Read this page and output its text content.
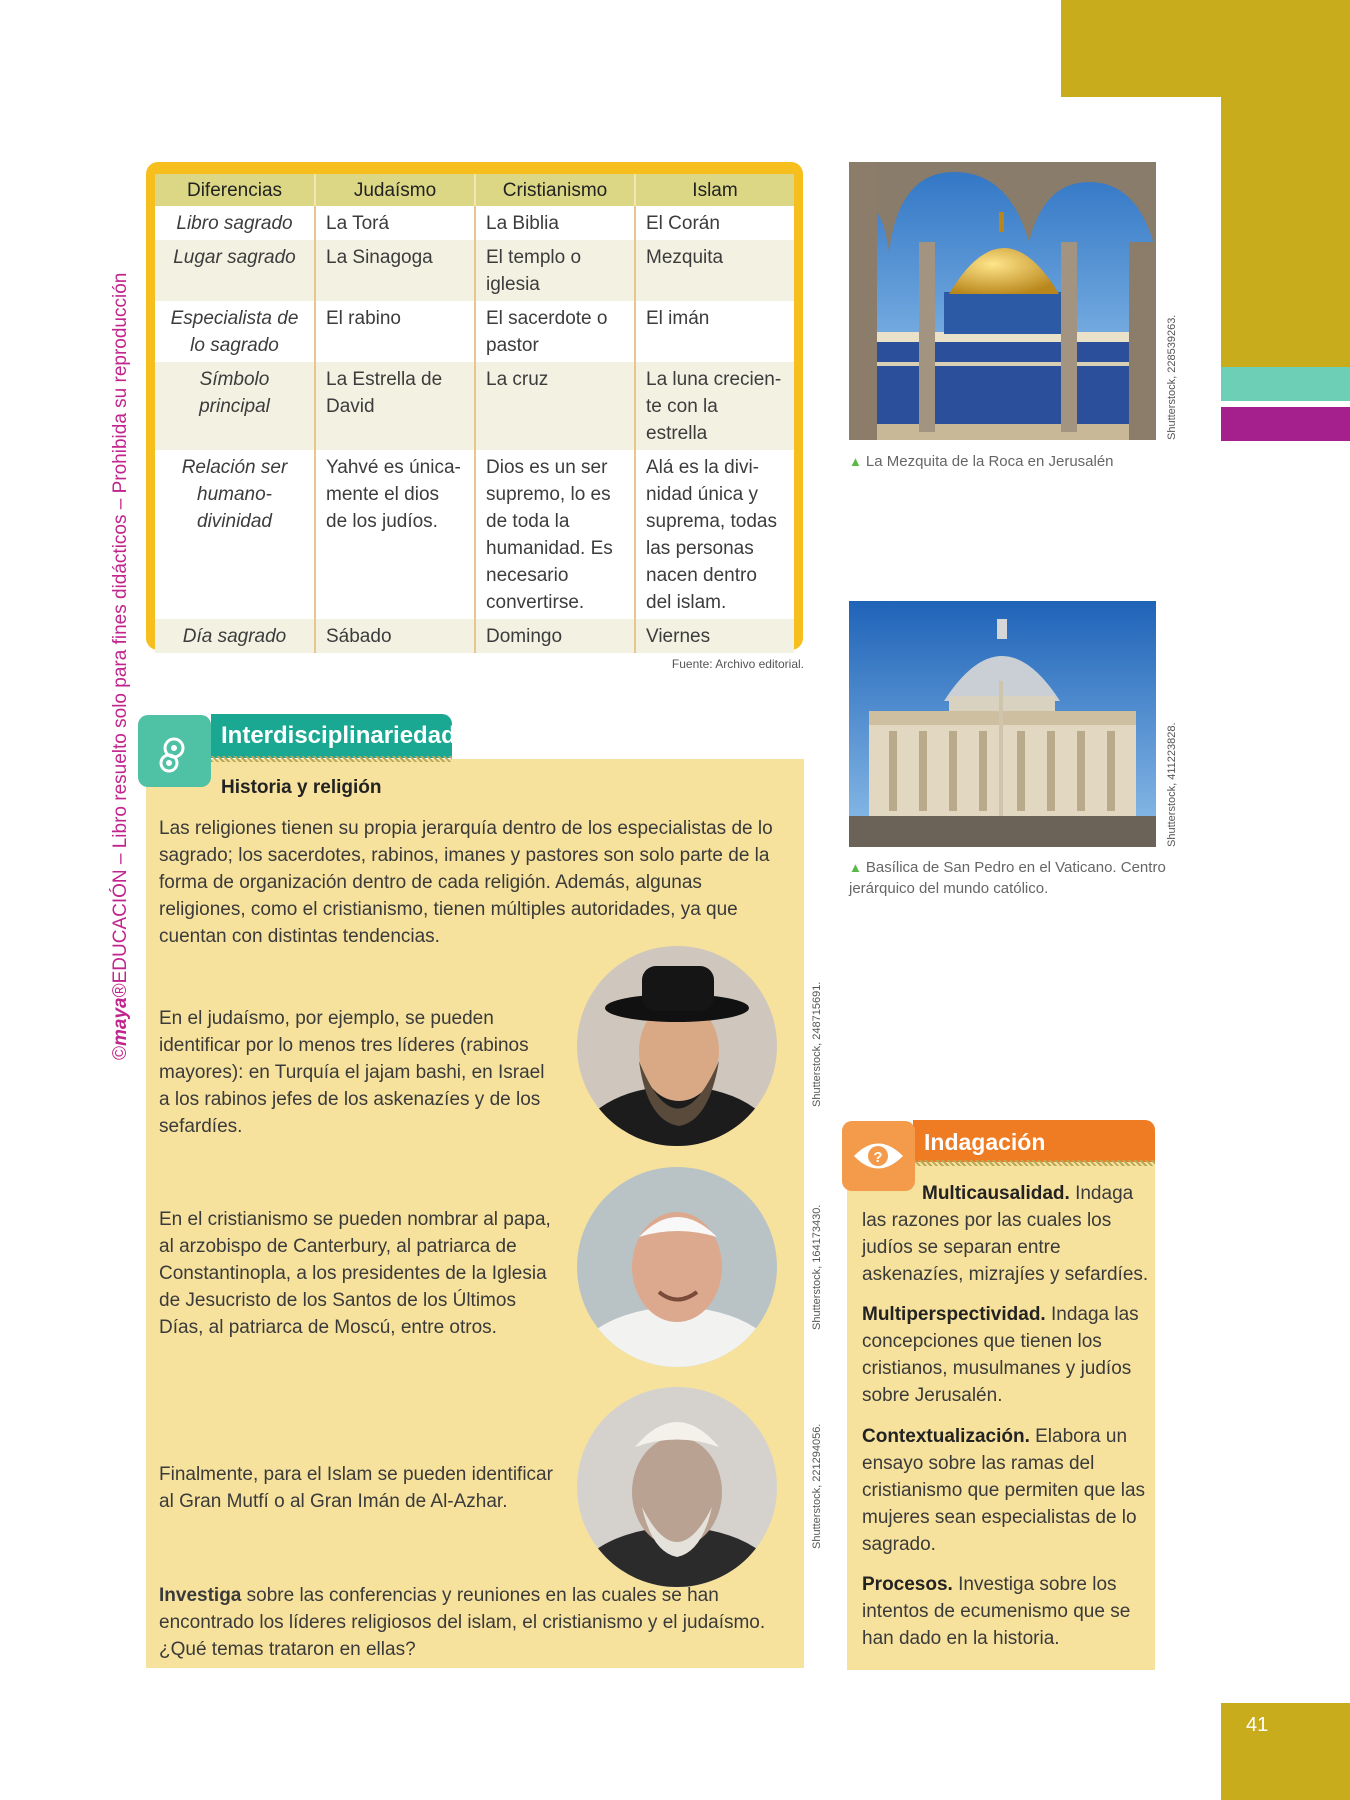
41
©maya®EDUCACIÓN – Libro resuelto solo para fines didácticos – Prohibida su reproducción
Diferencias	Judaísmo	Cristianismo	Islam
Libro sagrado	La Torá	La Biblia	El Corán
Lugar sagrado	La Sinagoga	El templo o iglesia	Mezquita
Especialista de lo sagrado	El rabino	El sacerdote o pastor	El imán
Símbolo principal	La Estrella de David	La cruz	La luna crecien-te con la estrella
Relación ser humano-divinidad	Yahvé es única-mente el dios de los judíos.	Dios es un ser supremo, lo es de toda la humanidad. Es necesario convertirse.	Alá es la divi-nidad única y suprema, todas las personas nacen dentro del islam.
Día sagrado	Sábado	Domingo	Viernes
Fuente: Archivo editorial.
Shutterstock, 228539263.
▲ La Mezquita de la Roca en Jerusalén
Shutterstock, 411223828.
▲ Basílica de San Pedro en el Vaticano. Centro jerárquico del mundo católico.
Interdisciplinariedad
Historia y religión
Las religiones tienen su propia jerarquía dentro de los especialistas de lo sagrado; los sacerdotes, rabinos, imanes y pastores son solo parte de la forma de organización dentro de cada religión. Además, algunas religiones, como el cristianismo, tienen múltiples autoridades, ya que cuentan con distintas tendencias.
En el judaísmo, por ejemplo, se pueden identificar por lo menos tres líderes (rabinos mayores): en Turquía el jajam bashi, en Israel a los rabinos jefes de los askenazíes y de los sefardíes.
En el cristianismo se pueden nombrar al papa, al arzobispo de Canterbury, al patriarca de Constantinopla, a los presidentes de la Iglesia de Jesucristo de los Santos de los Últimos Días, al patriarca de Moscú, entre otros.
Finalmente, para el Islam se pueden identificar al Gran Mutfí o al Gran Imán de Al-Azhar.
Investiga sobre las conferencias y reuniones en las cuales se han encontrado los líderes religiosos del islam, el cristianismo y el judaísmo. ¿Qué temas trataron en ellas?
Shutterstock, 248715691.
Shutterstock, 164173430.
Shutterstock, 221294056.
?
Indagación
Multicausalidad. Indaga las razones por las cuales los judíos se separan entre askenazíes, mizrajíes y sefardíes.
Multiperspectividad. Indaga las concepciones que tienen los cristianos, musulmanes y judíos sobre Jerusalén.
Contextualización. Elabora un ensayo sobre las ramas del cristianismo que permiten que las mujeres sean especialistas de lo sagrado.
Procesos. Investiga sobre los intentos de ecumenismo que se han dado en la historia.
